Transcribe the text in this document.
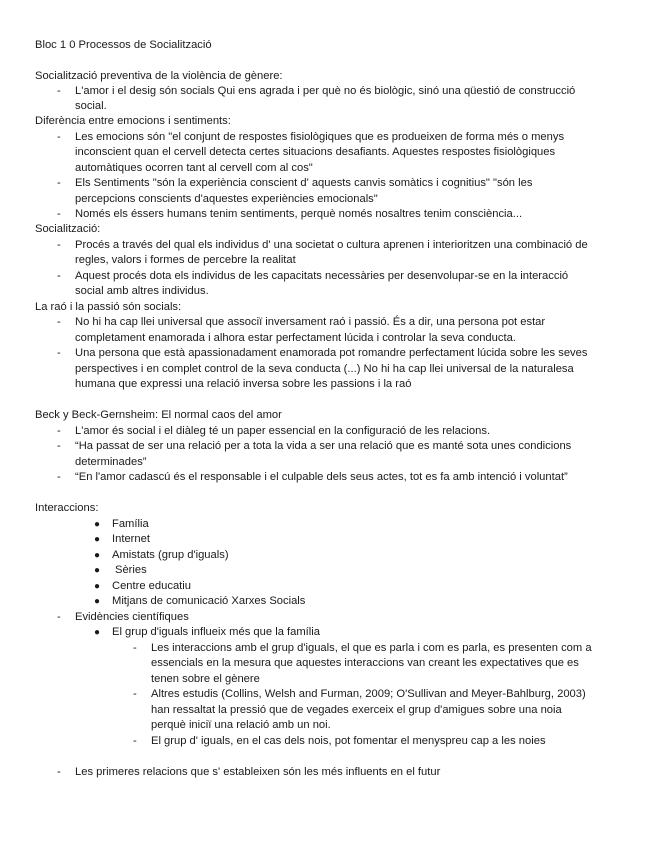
Bloc 1 0 Processos de Socialització
Socialització preventiva de la violència de gènere:
- L'amor i el desig són socials Qui ens agrada i per què no és biològic, sinó una qüestió de construcció
social.
Diferència entre emocions i sentiments:
- Les emocions són "el conjunt de respostes fisiològiques que es produeixen de forma més o menys
inconscient quan el cervell detecta certes situacions desafiants. Aquestes respostes fisiològiques
automàtiques ocorren tant al cervell com al cos"
- Els Sentiments "són la experiència conscient d' aquests canvis somàtics i cognitius" "són les
percepcions conscients d'aquestes experiències emocionals"
- Només els éssers humans tenim sentiments, perquè només nosaltres tenim consciència...
Socialització:
- Procés a través del qual els individus d' una societat o cultura aprenen i interioritzen una combinació de
regles, valors i formes de percebre la realitat
- Aquest procés dota els individus de les capacitats necessàries per desenvolupar-se en la interacció
social amb altres individus.
La raó i la passió són socials:
- No hi ha cap llei universal que associï inversament raó i passió. És a dir, una persona pot estar
completament enamorada i alhora estar perfectament lúcida i controlar la seva conducta.
- Una persona que està apassionadament enamorada pot romandre perfectament lúcida sobre les seves
perspectives i en complet control de la seva conducta (...) No hi ha cap llei universal de la naturalesa
humana que expressi una relació inversa sobre les passions i la raó
Beck y Beck-Gernsheim: El normal caos del amor
- L'amor és social i el diàleg té un paper essencial en la configuració de les relacions.
- “Ha passat de ser una relació per a tota la vida a ser una relació que es manté sota unes condicions
determinades”
- “En l'amor cadascú és el responsable i el culpable dels seus actes, tot es fa amb intenció i voluntat”
Interaccions:
● Família
● Internet
● Amistats (grup d'iguals)
● Sèries
● Centre educatiu
● Mitjans de comunicació Xarxes Socials
- Evidències científiques
● El grup d'iguals influeix més que la família
- Les interaccions amb el grup d'iguals, el que es parla i com es parla, es presenten com a
essencials en la mesura que aquestes interaccions van creant les expectatives que es
tenen sobre el gènere
- Altres estudis (Collins, Welsh and Furman, 2009; O'Sullivan and Meyer-Bahlburg, 2003)
han ressaltat la pressió que de vegades exerceix el grup d'amigues sobre una noia
perquè iniciï una relació amb un noi.
- El grup d' iguals, en el cas dels nois, pot fomentar el menyspreu cap a les noies
- Les primeres relacions que s' estableixen són les més influents en el futur
